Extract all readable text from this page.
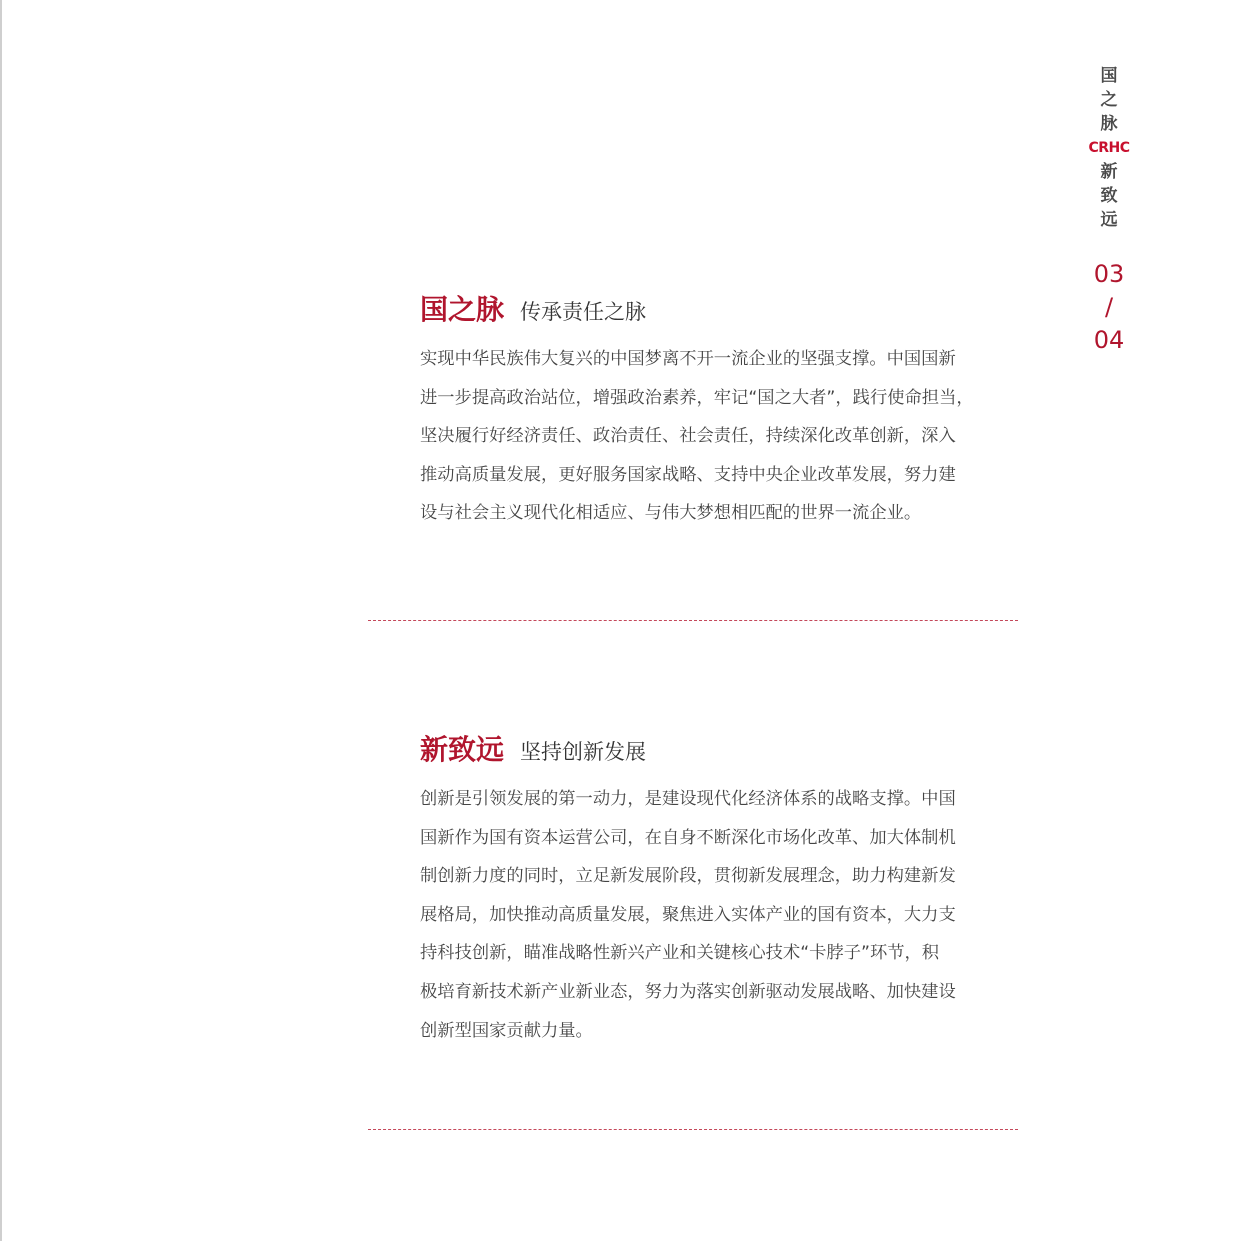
国
之
脉
CRHC
新
致
远
03
/
04
国之脉 传承责任之脉
实现中华民族伟大复兴的中国梦离不开一流企业的坚强支撑。中国国新
进一步提高政治站位，增强政治素养，牢记“国之大者”，践行使命担当，
坚决履行好经济责任、政治责任、社会责任，持续深化改革创新，深入
推动高质量发展，更好服务国家战略、支持中央企业改革发展，努力建
设与社会主义现代化相适应、与伟大梦想相匹配的世界一流企业。
新致远 坚持创新发展
创新是引领发展的第一动力，是建设现代化经济体系的战略支撑。中国
国新作为国有资本运营公司，在自身不断深化市场化改革、加大体制机
制创新力度的同时，立足新发展阶段，贯彻新发展理念，助力构建新发
展格局，加快推动高质量发展，聚焦进入实体产业的国有资本，大力支
持科技创新，瞄准战略性新兴产业和关键核心技术“卡脖子”环节，积
极培育新技术新产业新业态，努力为落实创新驱动发展战略、加快建设
创新型国家贡献力量。
